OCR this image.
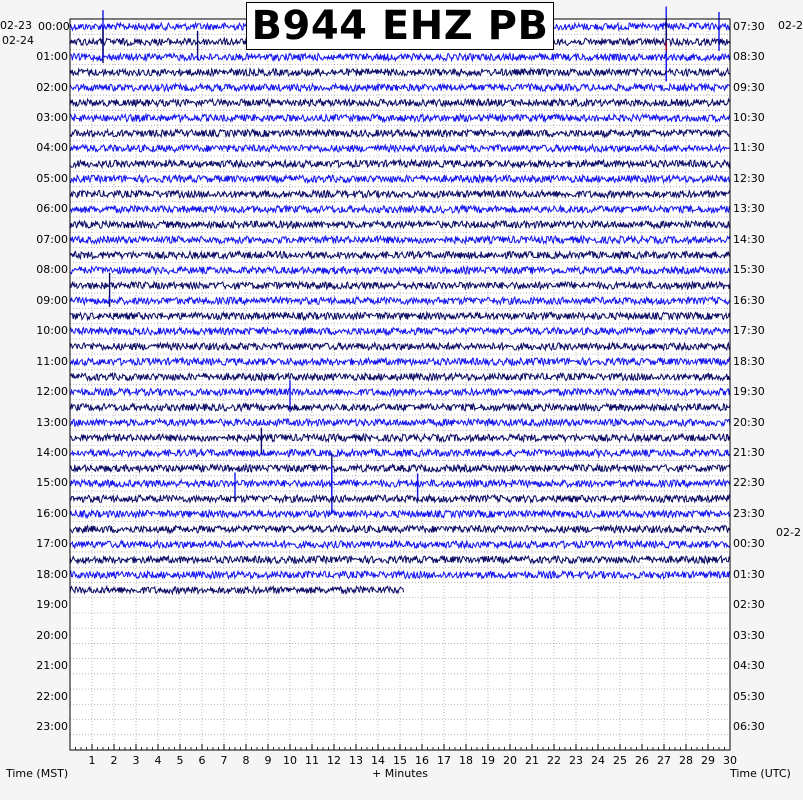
1 2 3 4 5 6 7 8 9 10 11 12 13 14 15 16 17 18 19 20 21 22 23 24 25 26 27 28 29 30
B944 EHZ PB
00:00
01:00
02:00
03:00
04:00
05:00
06:00
07:00
08:00
09:00
10:00
11:00
12:00
13:00
14:00
15:00
16:00
17:00
18:00
19:00
20:00
21:00
22:00
23:00
07:30
08:30
09:30
10:30
11:30
12:30
13:30
14:30
15:30
16:30
17:30
18:30
19:30
20:30
21:30
22:30
23:30
00:30
01:30
02:30
03:30
04:30
05:30
06:30
02-23
02-24
02-2
02-2
Time (MST)	+ Minutes	Time (UTC)
